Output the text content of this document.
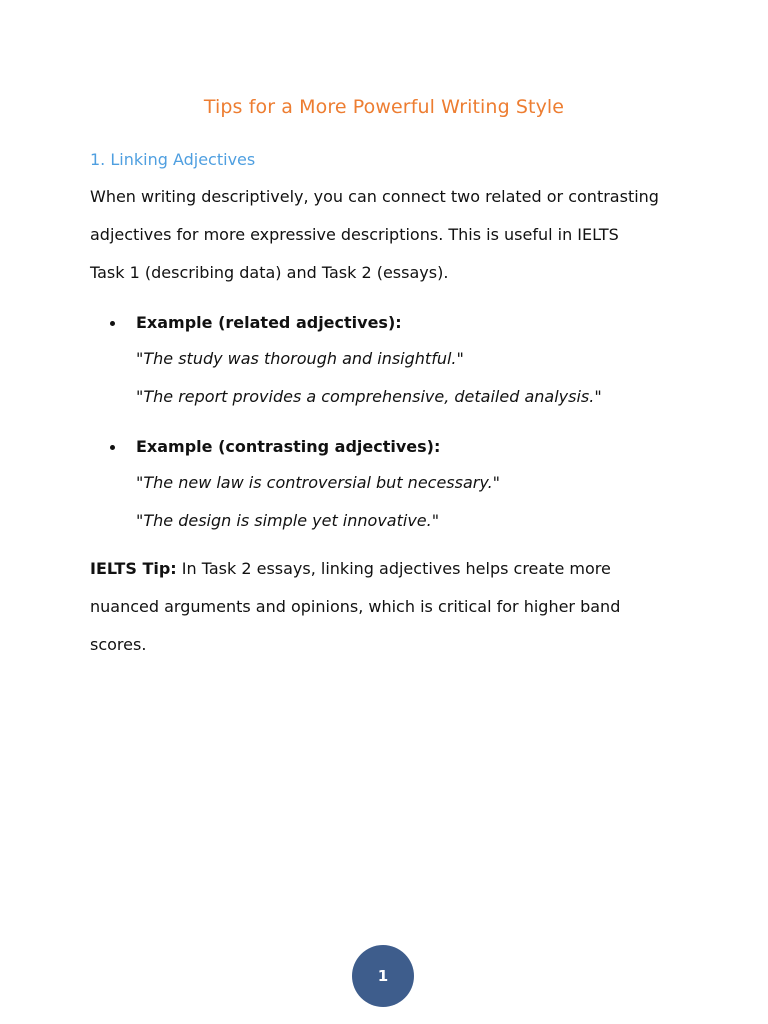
Tips for a More Powerful Writing Style
1. Linking Adjectives
When writing descriptively, you can connect two related or contrasting
adjectives for more expressive descriptions. This is useful in IELTS
Task 1 (describing data) and Task 2 (essays).
Example (related adjectives):
"The study was thorough and insightful."
"The report provides a comprehensive, detailed analysis."
Example (contrasting adjectives):
"The new law is controversial but necessary."
"The design is simple yet innovative."
IELTS Tip: In Task 2 essays, linking adjectives helps create more
nuanced arguments and opinions, which is critical for higher band
scores.
1
